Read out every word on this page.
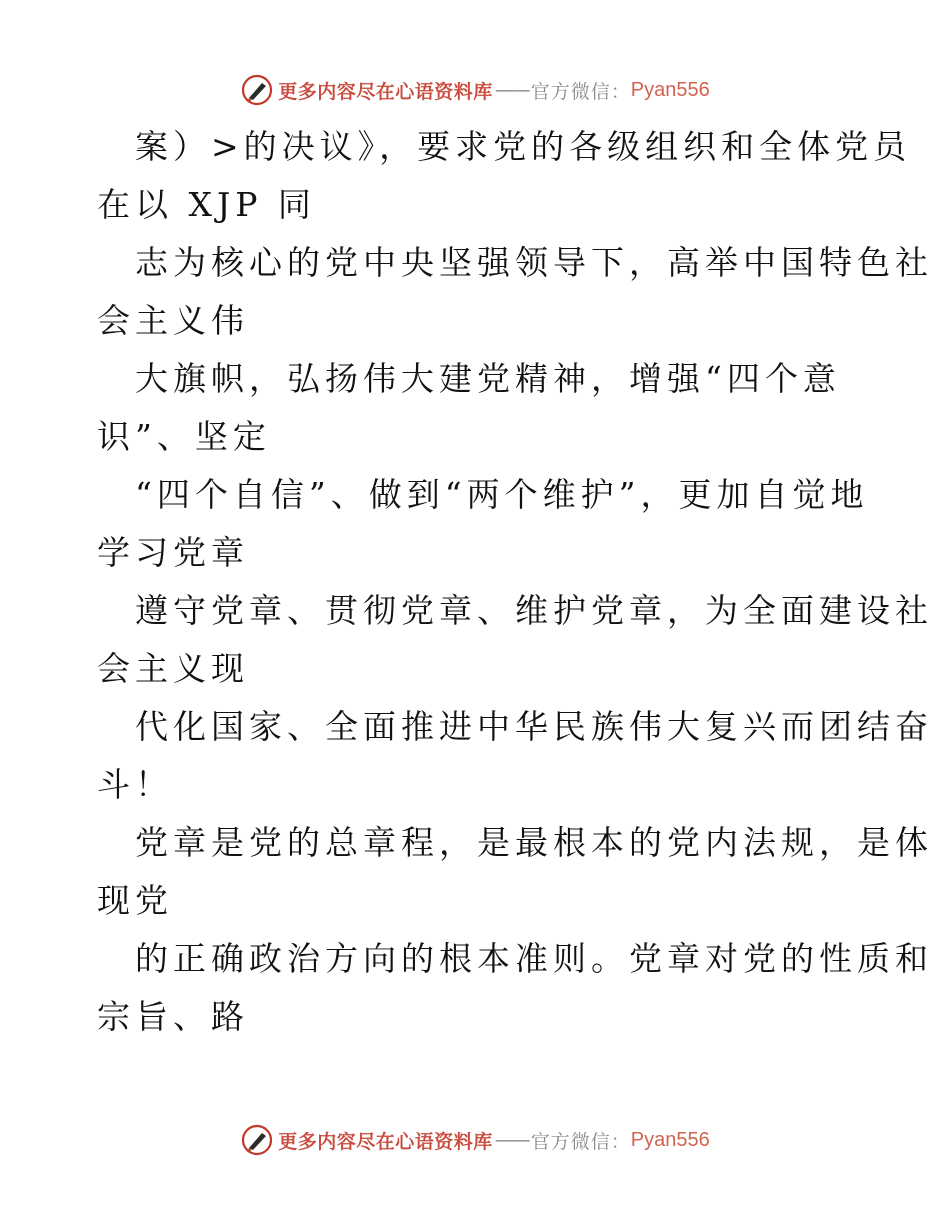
更多内容尽在心语资料库 —— 官方微信： Pyan556
案）>的决议》，要求党的各级组织和全体党员
在以 XJP 同
志为核心的党中央坚强领导下，高举中国特色社
会主义伟
大旗帜，弘扬伟大建党精神，增强“四个意
识”、坚定
“四个自信”、做到“两个维护”，更加自觉地
学习党章
遵守党章、贯彻党章、维护党章，为全面建设社
会主义现
代化国家、全面推进中华民族伟大复兴而团结奋
斗！
党章是党的总章程，是最根本的党内法规，是体
现党
的正确政治方向的根本准则。党章对党的性质和
宗旨、路
更多内容尽在心语资料库 —— 官方微信： Pyan556
